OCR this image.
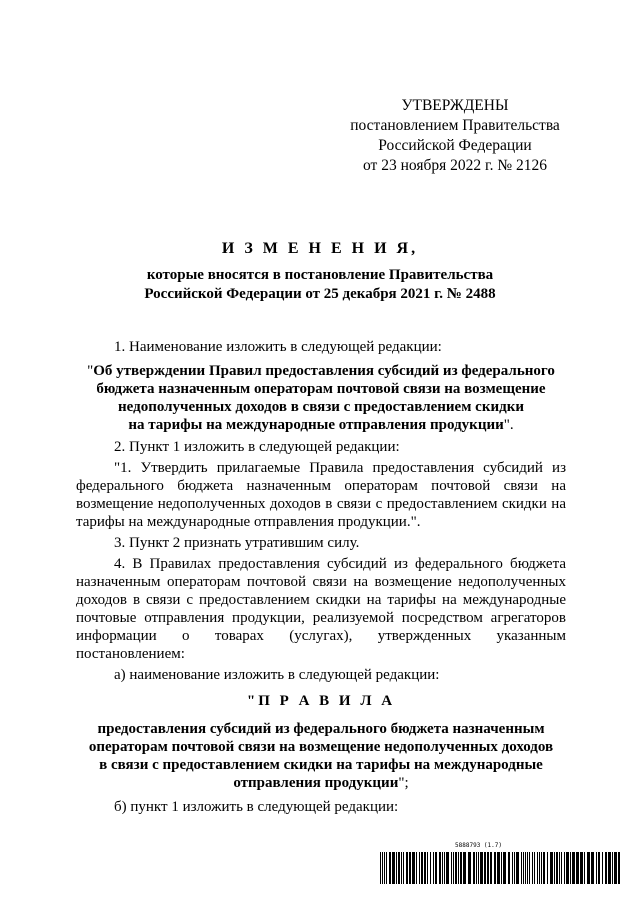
УТВЕРЖДЕНЫ
постановлением Правительства
Российской Федерации
от 23 ноября 2022 г. № 2126
И З М Е Н Е Н И Я,
которые вносятся в постановление Правительства
Российской Федерации от 25 декабря 2021 г. № 2488

1. Наименование изложить в следующей редакции:

"Об утверждении Правил предоставления субсидий из федерального
бюджета назначенным операторам почтовой связи на возмещение
недополученных доходов в связи с предоставлением скидки
на тарифы на международные отправления продукции".

2. Пункт 1 изложить в следующей редакции:

"1. Утвердить прилагаемые Правила предоставления субсидий из федерального бюджета назначенным операторам почтовой связи на возмещение недополученных доходов в связи с предоставлением скидки на тарифы на международные отправления продукции.".

3. Пункт 2 признать утратившим силу.

4. В Правилах предоставления субсидий из федерального бюджета назначенным операторам почтовой связи на возмещение недополученных доходов в связи с предоставлением скидки на тарифы на международные почтовые отправления продукции, реализуемой посредством агрегаторов информации о товарах (услугах), утвержденных указанным постановлением:

а) наименование изложить в следующей редакции:

"П Р А В И Л А
предоставления субсидий из федерального бюджета назначенным
операторам почтовой связи на возмещение недополученных доходов
в связи с предоставлением скидки на тарифы на международные
отправления продукции";

б) пункт 1 изложить в следующей редакции:

5888793 (1.7)
